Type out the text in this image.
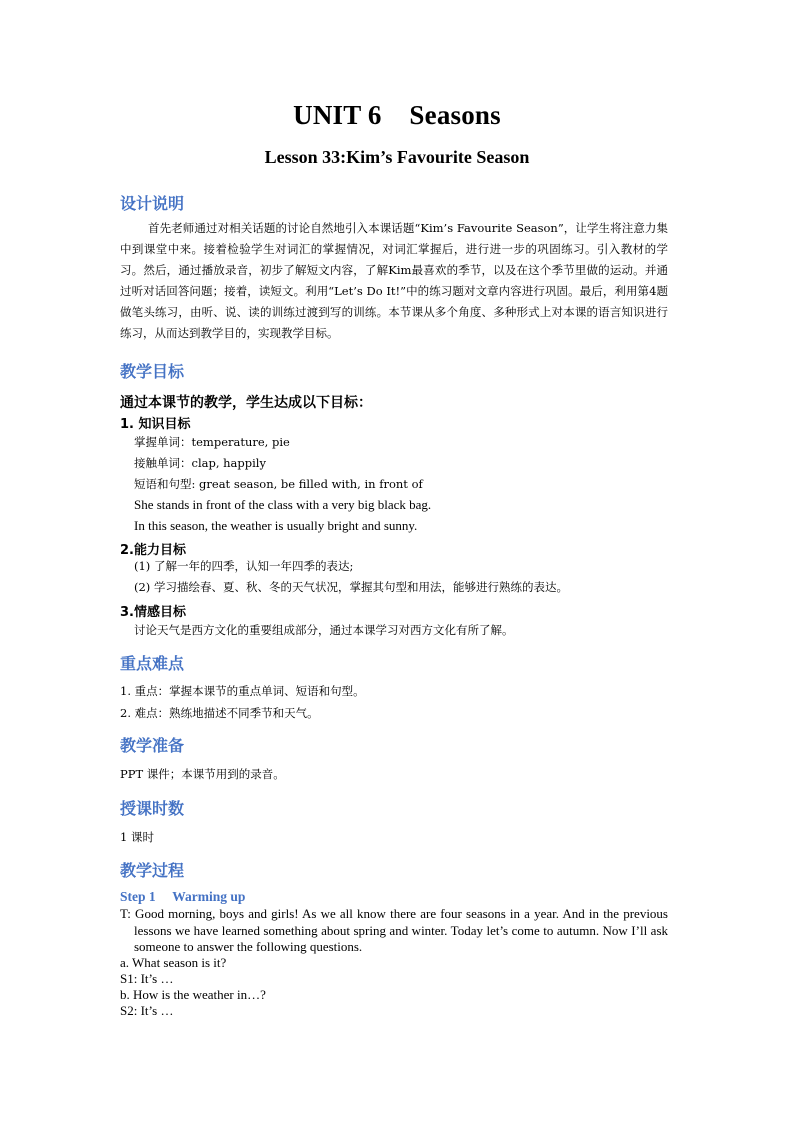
UNIT 6    Seasons
Lesson 33:Kim’s Favourite Season
设计说明
首先老师通过对相关话题的讨论自然地引入本课话题“Kim’s Favourite Season”，让学生将注意力集中到课堂中来。接着检验学生对词汇的掌握情况，对词汇掌握后，进行进一步的巩固练习。引入教材的学习。然后，通过播放录音，初步了解短文内容，了解Kim最喜欢的季节，以及在这个季节里做的运动。并通过听对话回答问题；接着，读短文。利用“Let’s Do It!”中的练习题对文章内容进行巩固。最后，利用第4题做笔头练习，由听、说、读的训练过渡到写的训练。本节课从多个角度、多种形式上对本课的语言知识进行练习，从而达到教学目的，实现教学目标。
教学目标
通过本课节的教学，学生达成以下目标：
1. 知识目标
掌握单词：temperature, pie
接触单词：clap, happily
短语和句型: great season, be filled with, in front of
She stands in front of the class with a very big black bag.
In this season, the weather is usually bright and sunny.
2.能力目标
(1) 了解一年的四季，认知一年四季的表达;
(2) 学习描绘春、夏、秋、冬的天气状况，掌握其句型和用法，能够进行熟练的表达。
3.情感目标
讨论天气是西方文化的重要组成部分，通过本课学习对西方文化有所了解。
重点难点
1. 重点：掌握本课节的重点单词、短语和句型。
2. 难点：熟练地描述不同季节和天气。
教学准备
PPT 课件；本课节用到的录音。
授课时数
1 课时
教学过程
Step 1     Warming up
T: Good morning, boys and girls! As we all know there are four seasons in a year. And in the previous lessons we have learned something about spring and winter. Today let’s come to autumn. Now I’ll ask someone to answer the following questions.
a. What season is it?
S1: It’s …
b. How is the weather in…?
S2: It’s …
